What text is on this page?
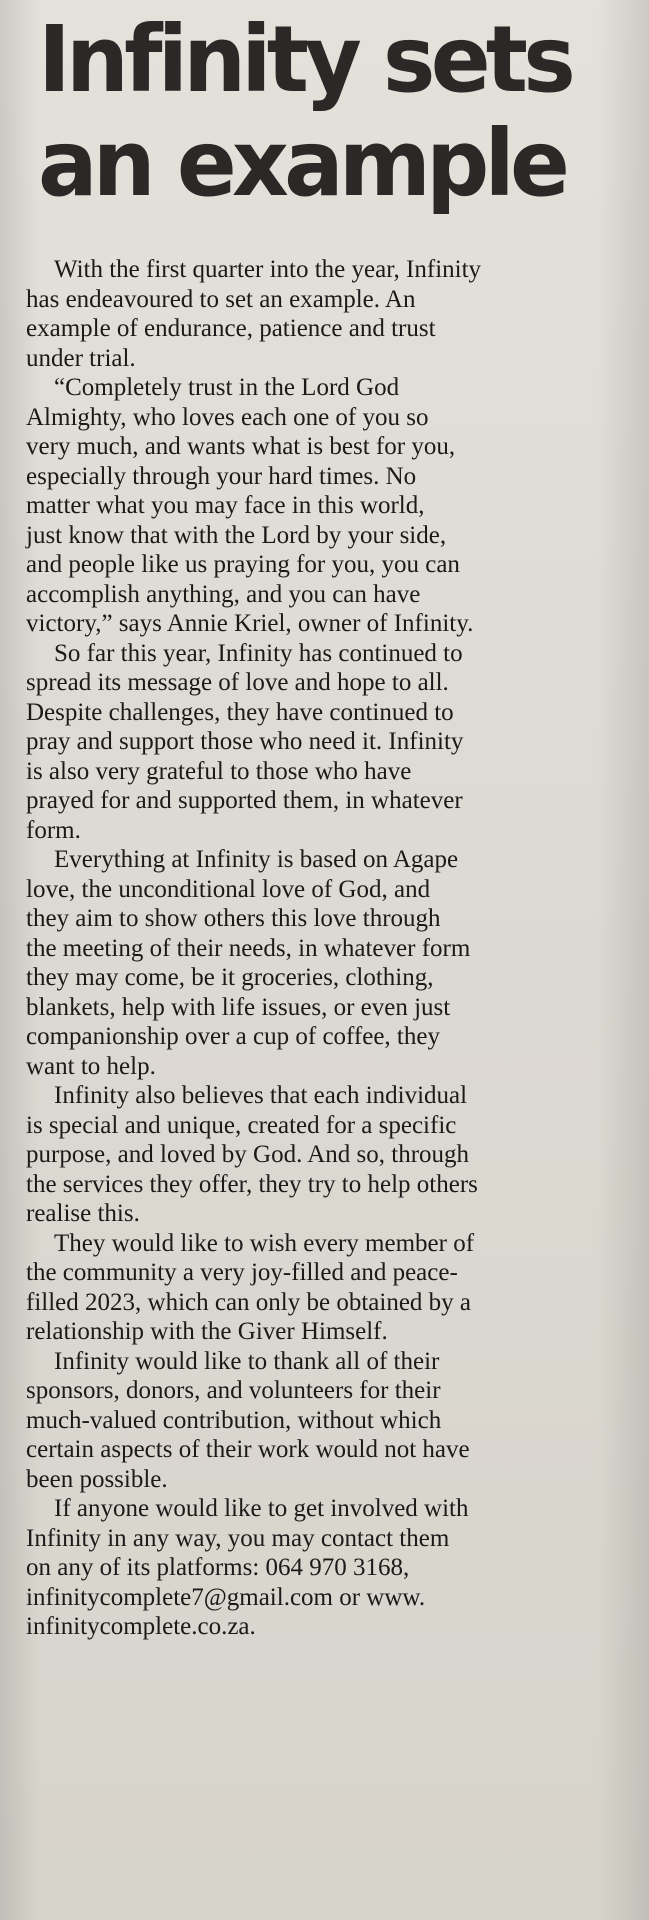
Infinity sets
an example

With the first quarter into the year, Infinity
has endeavoured to set an example. An
example of endurance, patience and trust
under trial.

“Completely trust in the Lord God
Almighty, who loves each one of you so
very much, and wants what is best for you,
especially through your hard times. No
matter what you may face in this world,
just know that with the Lord by your side,
and people like us praying for you, you can
accomplish anything, and you can have
victory,” says Annie Kriel, owner of Infinity.

So far this year, Infinity has continued to
spread its message of love and hope to all.
Despite challenges, they have continued to
pray and support those who need it. Infinity
is also very grateful to those who have
prayed for and supported them, in whatever
form.

Everything at Infinity is based on Agape
love, the unconditional love of God, and
they aim to show others this love through
the meeting of their needs, in whatever form
they may come, be it groceries, clothing,
blankets, help with life issues, or even just
companionship over a cup of coffee, they
want to help.

Infinity also believes that each individual
is special and unique, created for a specific
purpose, and loved by God. And so, through
the services they offer, they try to help others
realise this.

They would like to wish every member of
the community a very joy-filled and peace-
filled 2023, which can only be obtained by a
relationship with the Giver Himself.

Infinity would like to thank all of their
sponsors, donors, and volunteers for their
much-valued contribution, without which
certain aspects of their work would not have
been possible.

If anyone would like to get involved with
Infinity in any way, you may contact them
on any of its platforms: 064 970 3168,
infinitycomplete7@gmail.com or www.
infinitycomplete.co.za.
